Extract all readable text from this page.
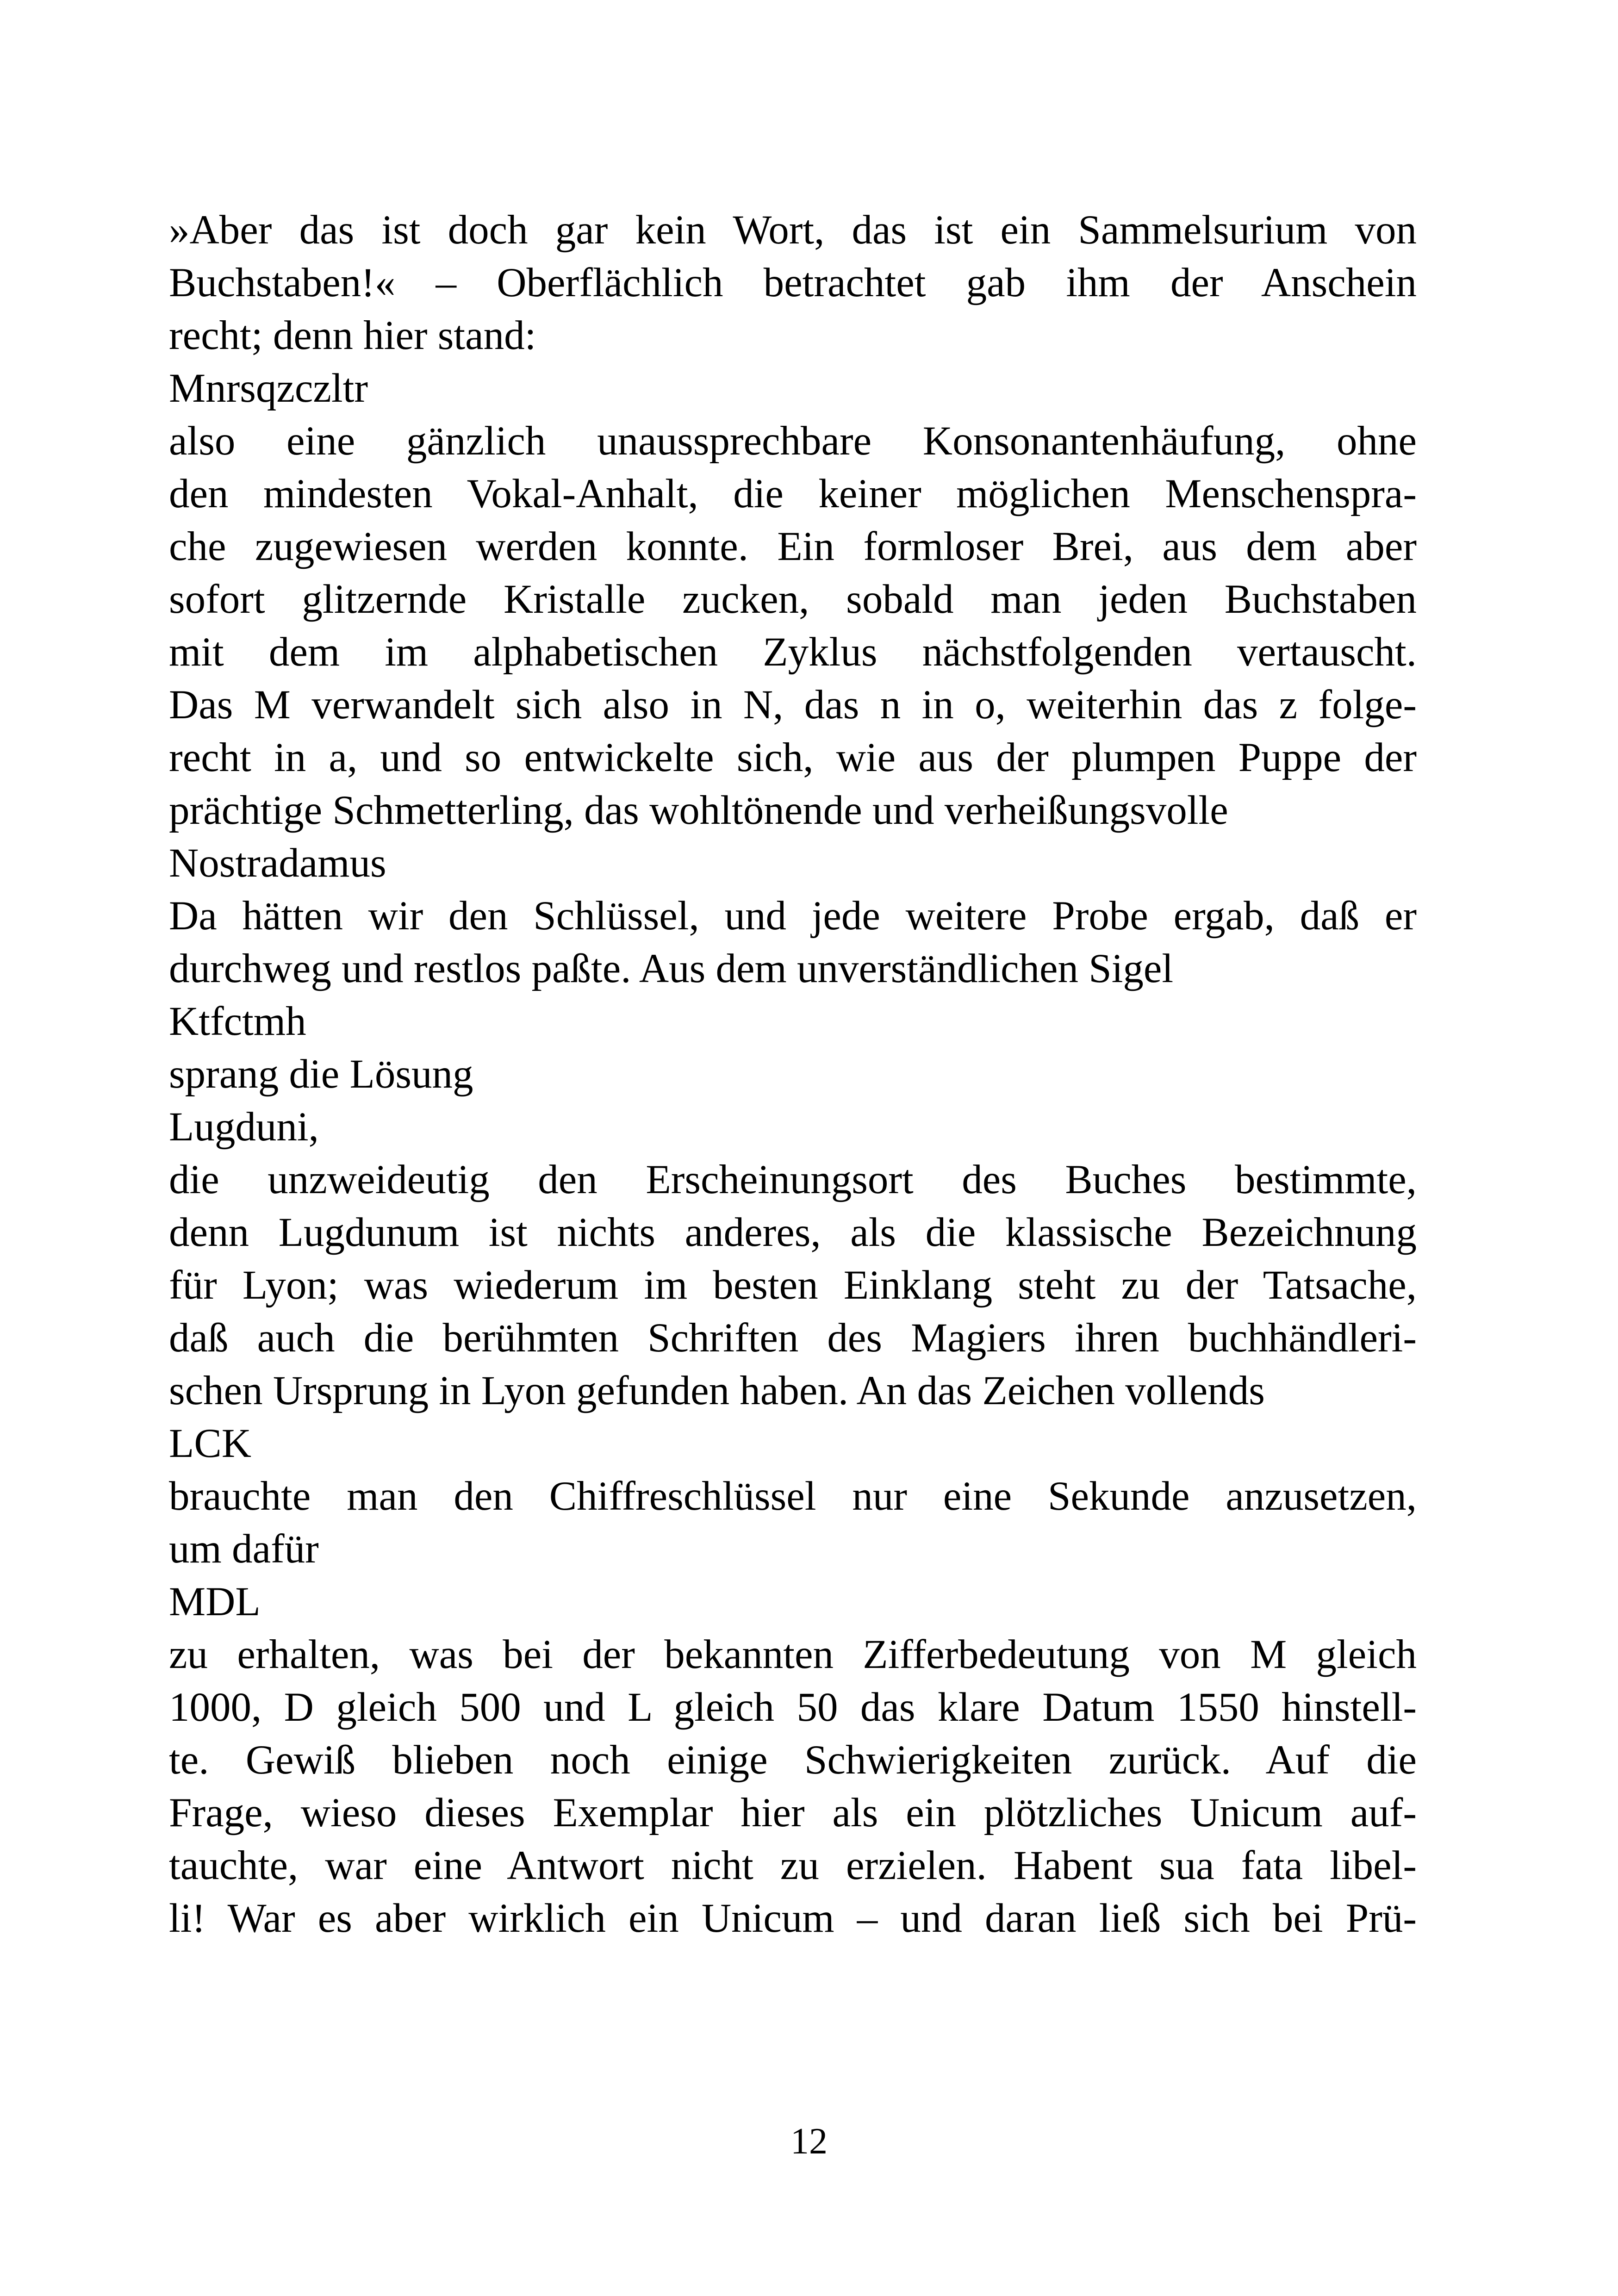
»Aber das ist doch gar kein Wort, das ist ein Sammelsurium von
Buchstaben!« – Oberflächlich betrachtet gab ihm der Anschein
recht; denn hier stand:
Mnrsqzczltr
also eine gänzlich unaussprechbare Konsonantenhäufung, ohne
den mindesten Vokal-Anhalt, die keiner möglichen Menschenspra-
che zugewiesen werden konnte. Ein formloser Brei, aus dem aber
sofort glitzernde Kristalle zucken, sobald man jeden Buchstaben
mit dem im alphabetischen Zyklus nächstfolgenden vertauscht.
Das M verwandelt sich also in N, das n in o, weiterhin das z folge-
recht in a, und so entwickelte sich, wie aus der plumpen Puppe der
prächtige Schmetterling, das wohltönende und verheißungsvolle
Nostradamus
Da hätten wir den Schlüssel, und jede weitere Probe ergab, daß er
durchweg und restlos paßte. Aus dem unverständlichen Sigel
Ktfctmh
sprang die Lösung
Lugduni,
die unzweideutig den Erscheinungsort des Buches bestimmte,
denn Lugdunum ist nichts anderes, als die klassische Bezeichnung
für Lyon; was wiederum im besten Einklang steht zu der Tatsache,
daß auch die berühmten Schriften des Magiers ihren buchhändleri-
schen Ursprung in Lyon gefunden haben. An das Zeichen vollends
LCK
brauchte man den Chiffreschlüssel nur eine Sekunde anzusetzen,
um dafür
MDL
zu erhalten, was bei der bekannten Zifferbedeutung von M gleich
1000, D gleich 500 und L gleich 50 das klare Datum 1550 hinstell-
te. Gewiß blieben noch einige Schwierigkeiten zurück. Auf die
Frage, wieso dieses Exemplar hier als ein plötzliches Unicum auf-
tauchte, war eine Antwort nicht zu erzielen. Habent sua fata libel-
li! War es aber wirklich ein Unicum – und daran ließ sich bei Prü-
12
